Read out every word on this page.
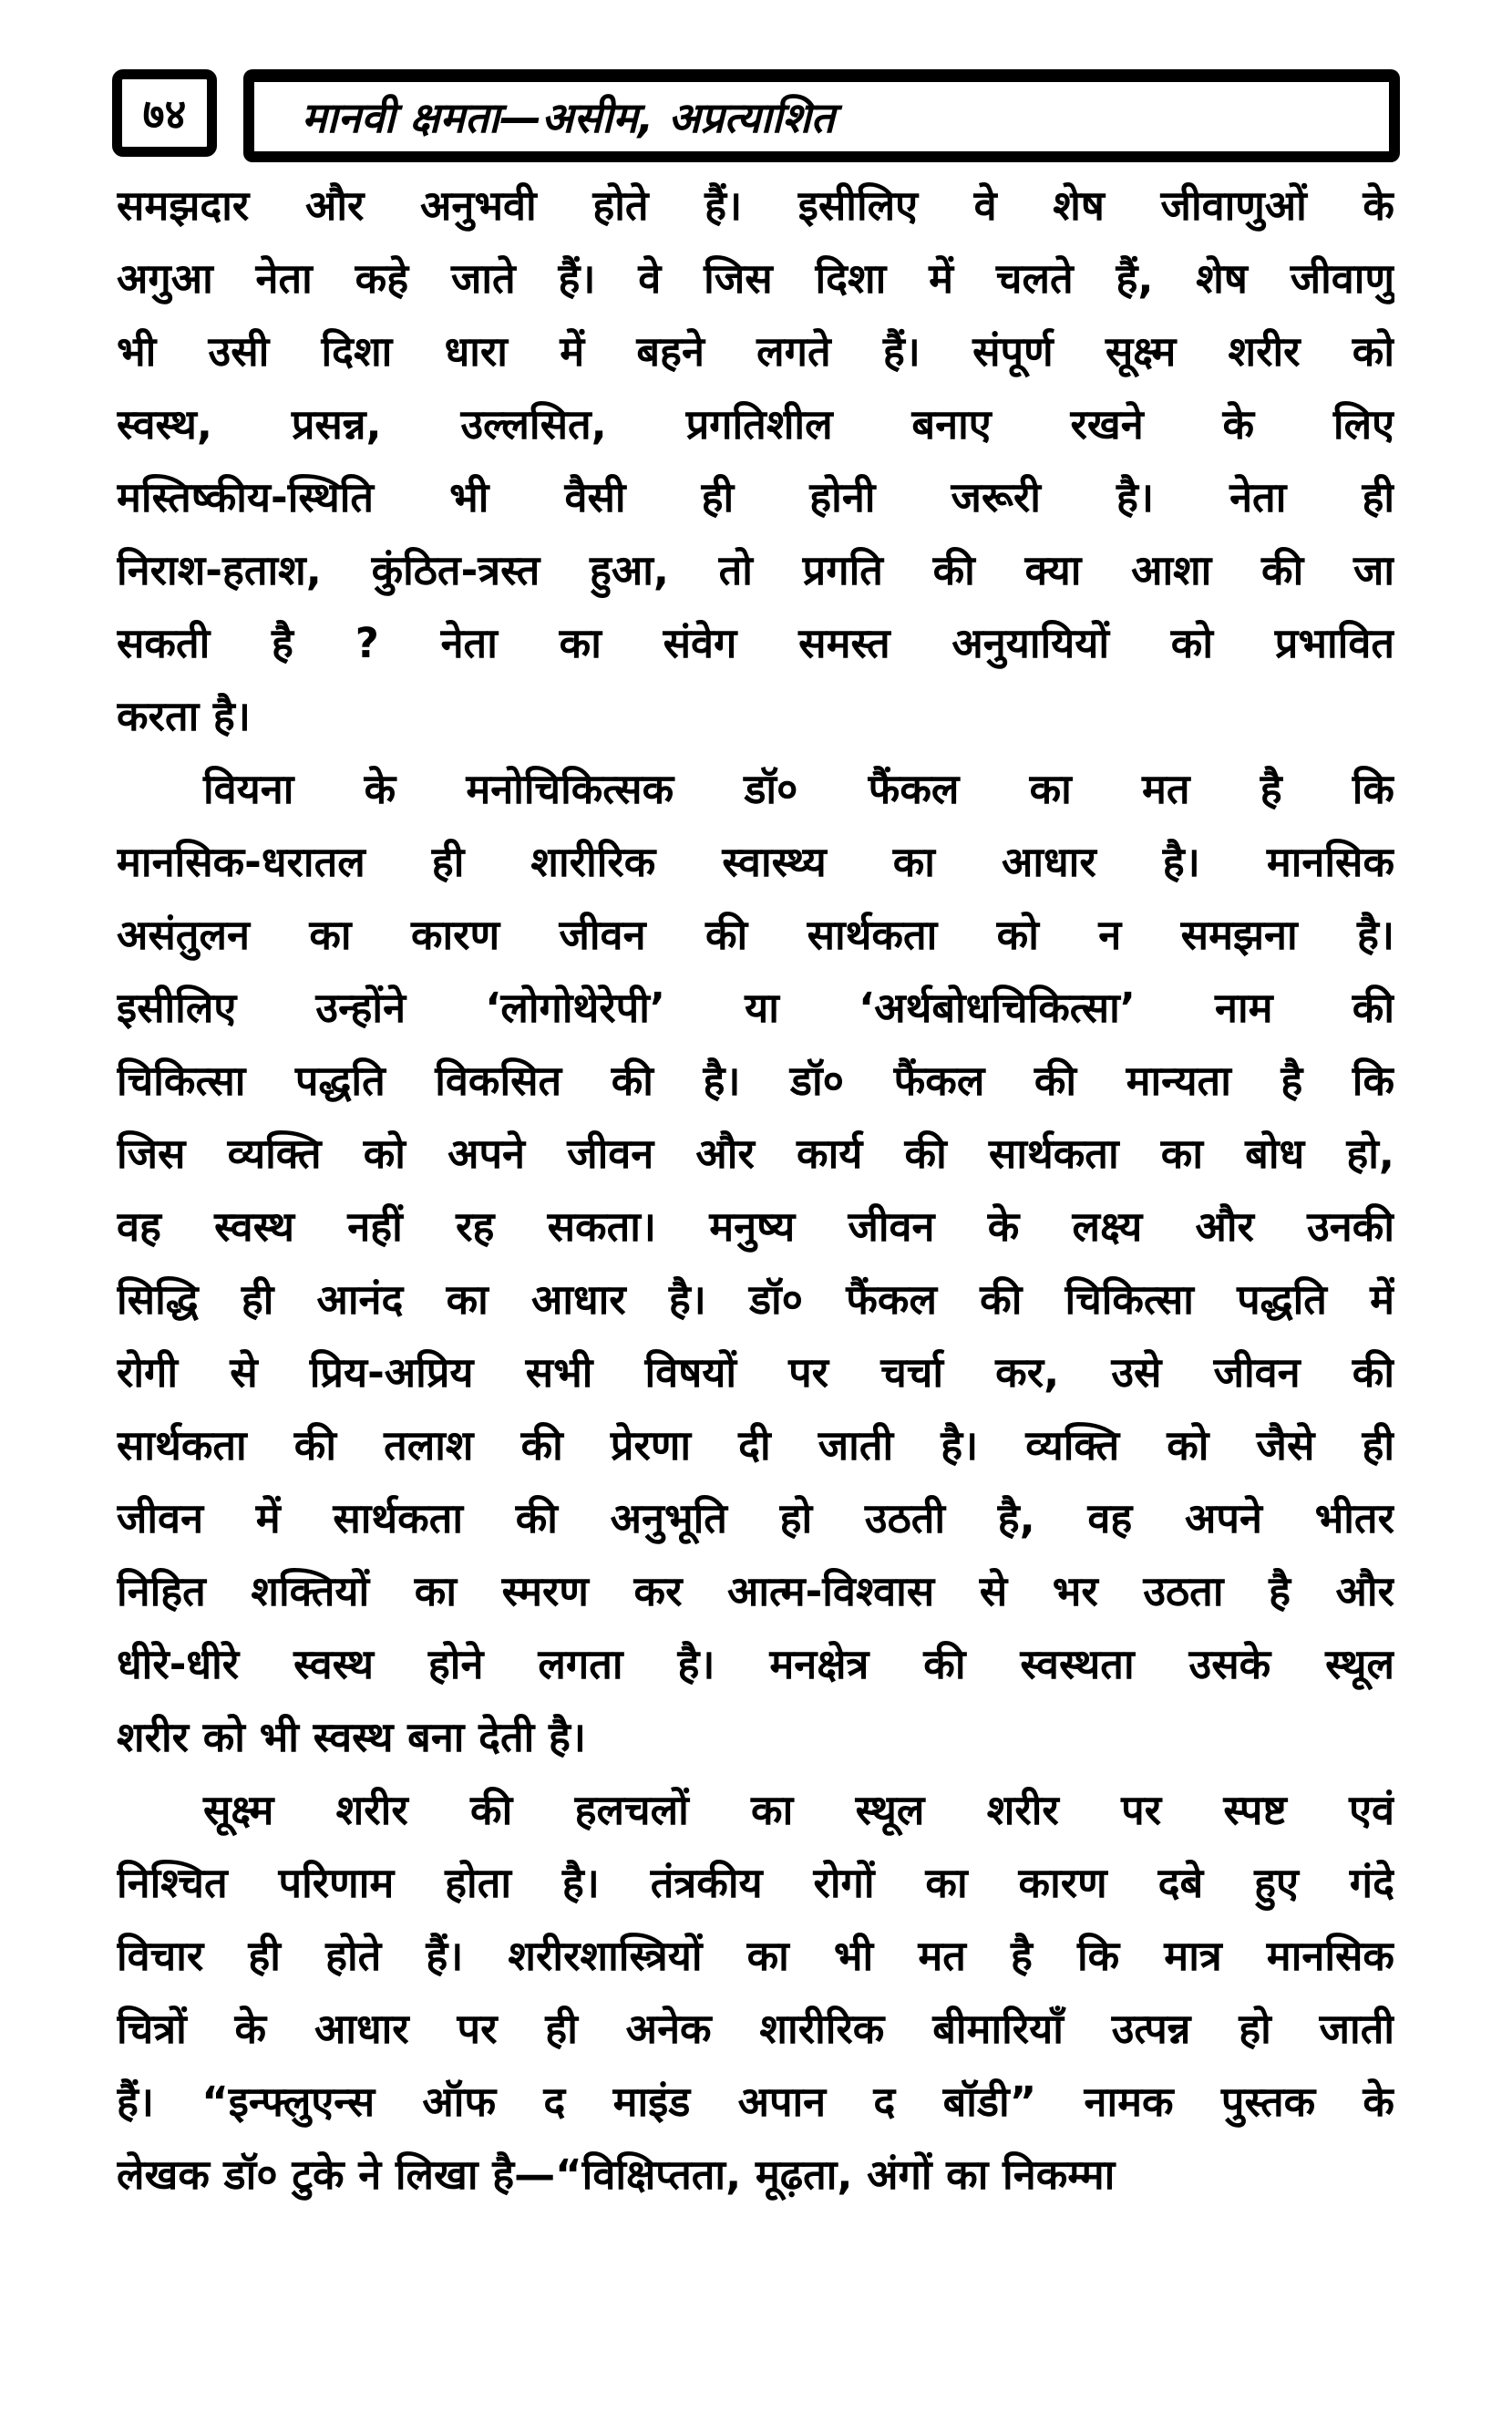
७४	मानवी क्षमता—असीम, अप्रत्याशित
समझदार और अनुभवी होते हैं। इसीलिए वे शेष जीवाणुओं के
अगुआ नेता कहे जाते हैं। वे जिस दिशा में चलते हैं, शेष जीवाणु
भी उसी दिशा धारा में बहने लगते हैं। संपूर्ण सूक्ष्म शरीर को
स्वस्थ, प्रसन्न, उल्लसित, प्रगतिशील बनाए रखने के लिए
मस्तिष्कीय-स्थिति भी वैसी ही होनी जरूरी है। नेता ही
निराश-हताश, कुंठित-त्रस्त हुआ, तो प्रगति की क्या आशा की जा
सकती है ? नेता का संवेग समस्त अनुयायियों को प्रभावित
करता है।
वियना के मनोचिकित्सक डॉ० फैंकल का मत है कि
मानसिक-धरातल ही शारीरिक स्वास्थ्य का आधार है। मानसिक
असंतुलन का कारण जीवन की सार्थकता को न समझना है।
इसीलिए उन्होंने ‘लोगोथेरेपी’ या ‘अर्थबोधचिकित्सा’ नाम की
चिकित्सा पद्धति विकसित की है। डॉ० फैंकल की मान्यता है कि
जिस व्यक्ति को अपने जीवन और कार्य की सार्थकता का बोध हो,
वह स्वस्थ नहीं रह सकता। मनुष्य जीवन के लक्ष्य और उनकी
सिद्धि ही आनंद का आधार है। डॉ० फैंकल की चिकित्सा पद्धति में
रोगी से प्रिय-अप्रिय सभी विषयों पर चर्चा कर, उसे जीवन की
सार्थकता की तलाश की प्रेरणा दी जाती है। व्यक्ति को जैसे ही
जीवन में सार्थकता की अनुभूति हो उठती है, वह अपने भीतर
निहित शक्तियों का स्मरण कर आत्म-विश्वास से भर उठता है और
धीरे-धीरे स्वस्थ होने लगता है। मनक्षेत्र की स्वस्थता उसके स्थूल
शरीर को भी स्वस्थ बना देती है।
सूक्ष्म शरीर की हलचलों का स्थूल शरीर पर स्पष्ट एवं
निश्चित परिणाम होता है। तंत्रकीय रोगों का कारण दबे हुए गंदे
विचार ही होते हैं। शरीरशास्त्रियों का भी मत है कि मात्र मानसिक
चित्रों के आधार पर ही अनेक शारीरिक बीमारियाँ उत्पन्न हो जाती
हैं। “इन्फ्लुएन्स ऑफ द माइंड अपान द बॉडी” नामक पुस्तक के
लेखक डॉ० टुके ने लिखा है—“विक्षिप्तता, मूढ़ता, अंगों का निकम्मा
